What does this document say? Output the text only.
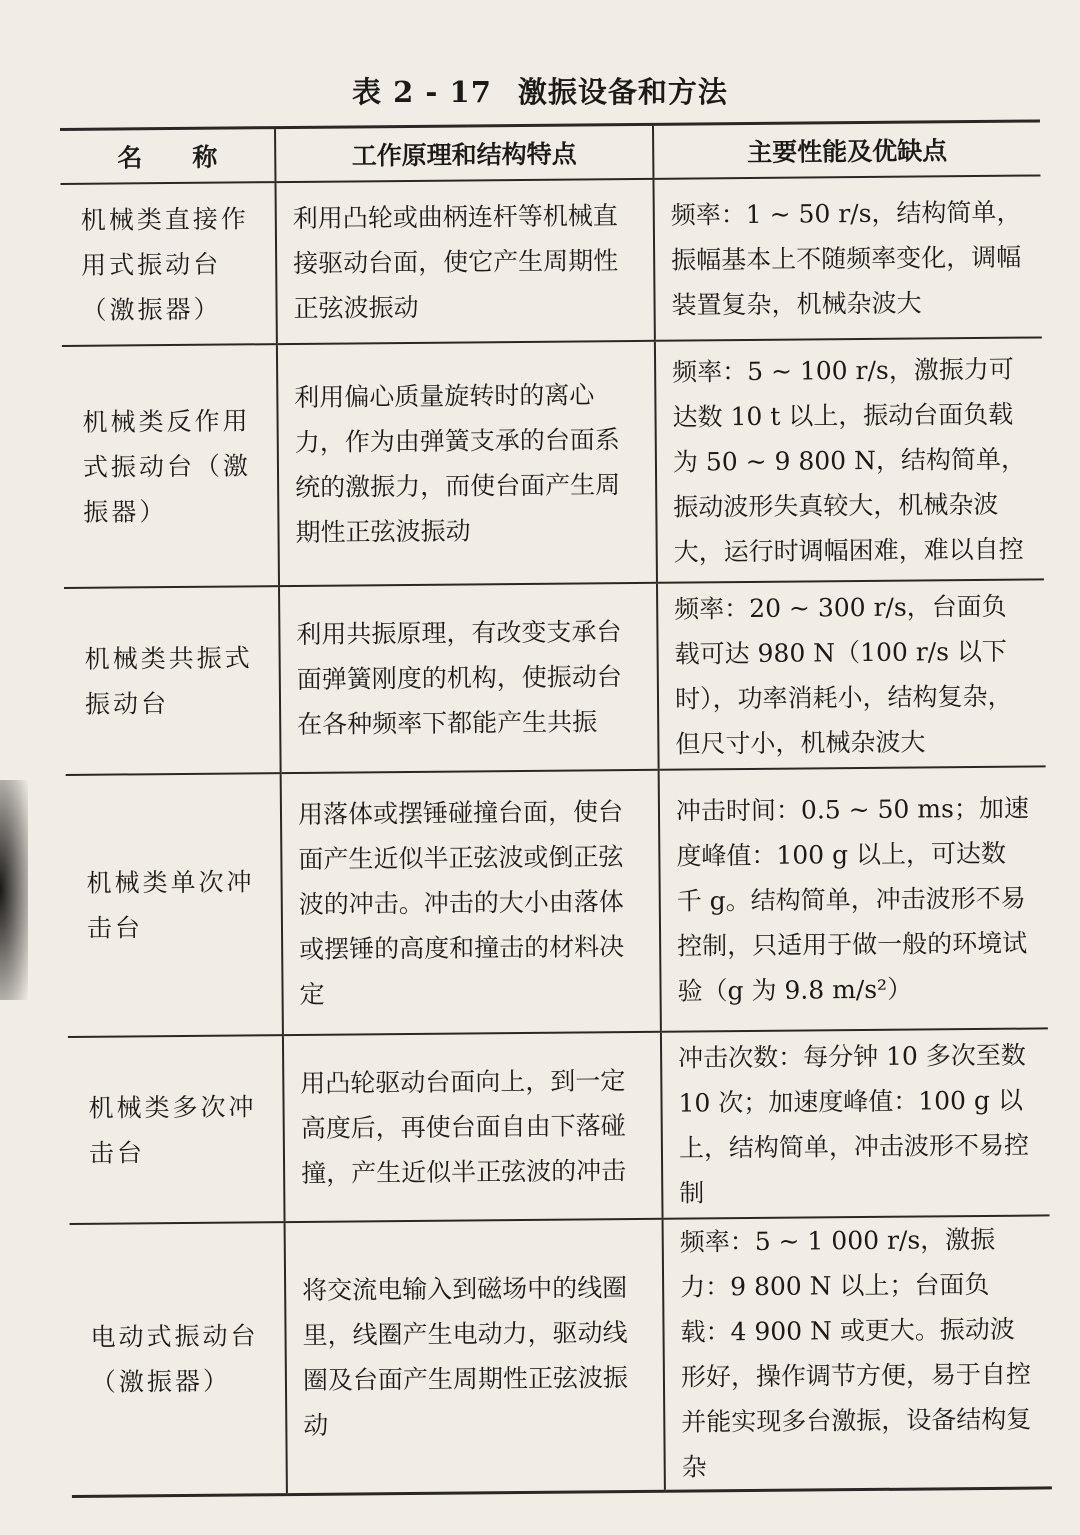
表 2 - 17 激振设备和方法
名　　称	工作原理和结构特点	主要性能及优缺点
机械类直接作用式振动台（激振器）	利用凸轮或曲柄连杆等机械直接驱动台面，使它产生周期性正弦波振动	频率：1 ~ 50 r/s，结构简单，振幅基本上不随频率变化，调幅装置复杂，机械杂波大
机械类反作用式振动台（激振器）	利用偏心质量旋转时的离心力，作为由弹簧支承的台面系统的激振力，而使台面产生周期性正弦波振动	频率：5 ~ 100 r/s，激振力可达数 10 t 以上，振动台面负载为 50 ~ 9 800 N，结构简单，振动波形失真较大，机械杂波大，运行时调幅困难，难以自控
机械类共振式振动台	利用共振原理，有改变支承台面弹簧刚度的机构，使振动台在各种频率下都能产生共振	频率：20 ~ 300 r/s，台面负载可达 980 N（100 r/s 以下时），功率消耗小，结构复杂，但尺寸小，机械杂波大
机械类单次冲击台	用落体或摆锤碰撞台面，使台面产生近似半正弦波或倒正弦波的冲击。冲击的大小由落体或摆锤的高度和撞击的材料决定	冲击时间：0.5 ~ 50 ms；加速度峰值：100 g 以上，可达数千 g。结构简单，冲击波形不易控制，只适用于做一般的环境试验（g 为 9.8 m/s²）
机械类多次冲击台	用凸轮驱动台面向上，到一定高度后，再使台面自由下落碰撞，产生近似半正弦波的冲击	冲击次数：每分钟 10 多次至数 10 次；加速度峰值：100 g 以上，结构简单，冲击波形不易控制
电动式振动台（激振器）	将交流电输入到磁场中的线圈里，线圈产生电动力，驱动线圈及台面产生周期性正弦波振动	频率：5 ~ 1 000 r/s，激振力：9 800 N 以上；台面负载：4 900 N 或更大。振动波形好，操作调节方便，易于自控并能实现多台激振，设备结构复杂
